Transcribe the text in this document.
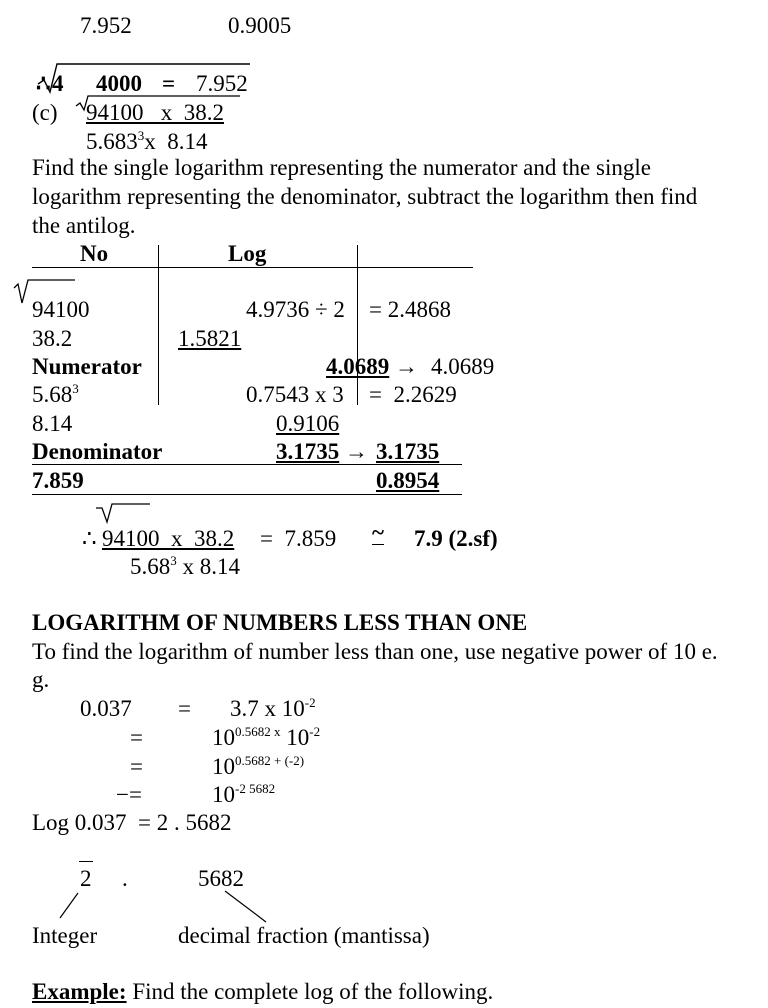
7.952	0.9005
∴ 4 4000 = 7.952
(c) 94100   x  38.2
5.683$^3$x  8.14
Find the single logarithm representing the numerator and the single
logarithm representing the denominator, subtract the logarithm then find
the antilog.
No	Log
94100	4.9736 ÷ 2 = 2.4868
38.2	1.5821
Numerator	4.0689 → 4.0689
5.68$^3$	0.7543 x 3 =  2.2629
8.14	0.9106
Denominator	3.1735 → 3.1735
7.859	0.8954
∴ 94100  x  38.2 =  7.859 ~ 7.9 (2.sf)
5.68$^3$ x 8.14
LOGARITHM OF NUMBERS LESS THAN ONE
To find the logarithm of number less than one, use negative power of 10 e.
g.
0.037 = 3.7 x $10^{-2}$
=	$10^{0.5682 x}$ $10^{-2}$
=	$10^{0.5682 + (-2)}$
−=	$10^{-2 5682}$
Log 0.037  = 2 . 5682
2 .	5682
Integer	decimal fraction (mantissa)
Example: Find the complete log of the following.
